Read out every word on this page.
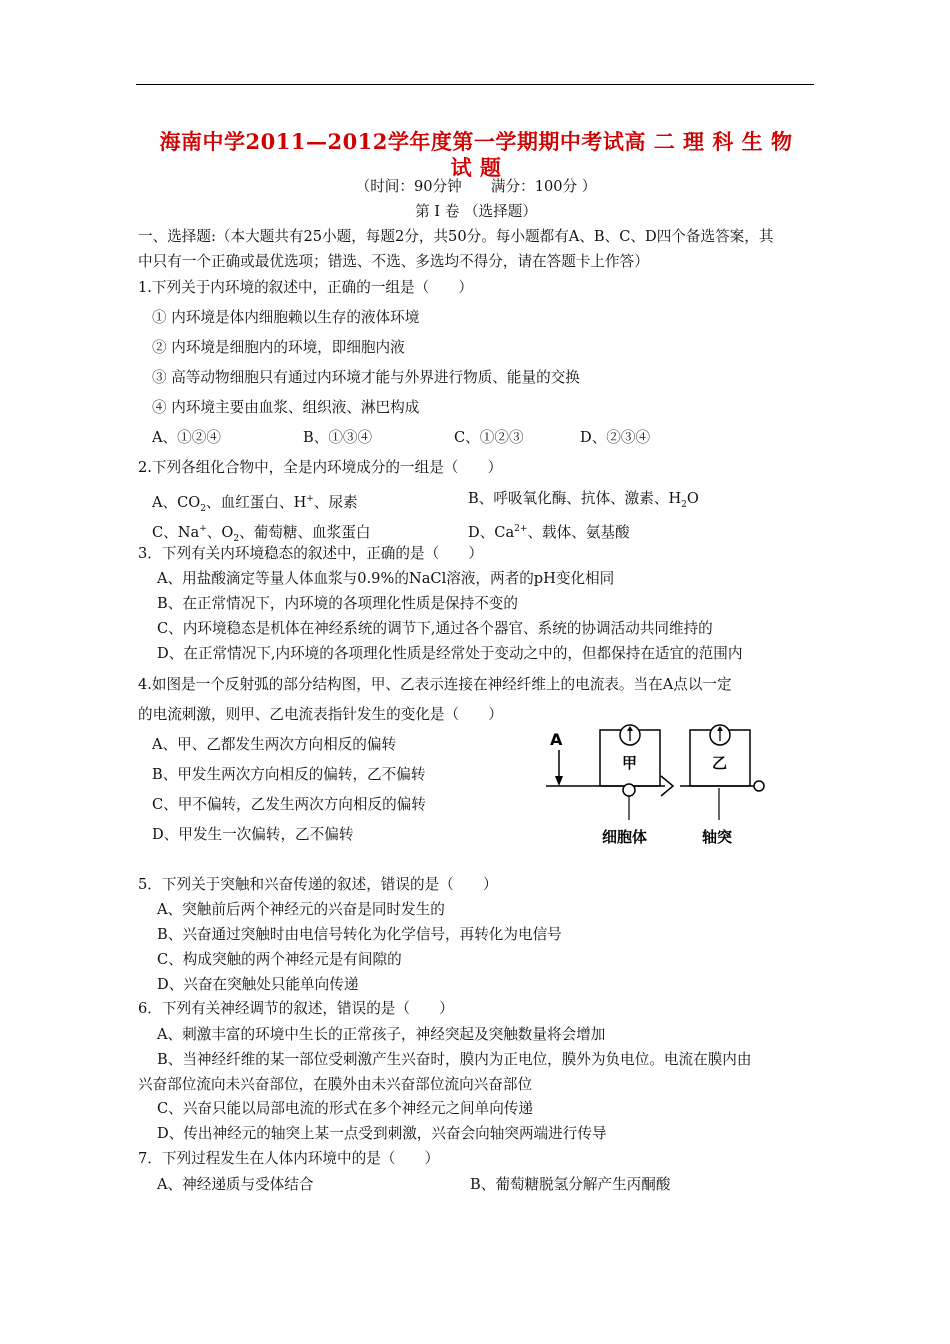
海南中学2011—2012学年度第一学期期中考试高 二 理 科 生 物
试 题
（时间：90分钟　　满分：100分 ）
第 Ⅰ 卷 （选择题）
一、选择题:（本大题共有25小题，每题2分，共50分。每小题都有A、B、C、D四个备选答案，其
中只有一个正确或最优选项；错选、不选、多选均不得分，请在答题卡上作答）
1.下列关于内环境的叙述中，正确的一组是（　　）
① 内环境是体内细胞赖以生存的液体环境
② 内环境是细胞内的环境，即细胞内液
③ 高等动物细胞只有通过内环境才能与外界进行物质、能量的交换
④ 内环境主要由血浆、组织液、淋巴构成
A、①②④	B、①③④	C、①②③	D、②③④
2.下列各组化合物中，全是内环境成分的一组是（　　）
A、$CO_2$、血红蛋白、H+、尿素	B、呼吸氧化酶、抗体、激素、$H_2O$
C、Na+、$O_2$、葡萄糖、血浆蛋白	D、$Ca^{2+}$、载体、氨基酸
3．下列有关内环境稳态的叙述中，正确的是（　　）
A、用盐酸滴定等量人体血浆与0.9%的NaCl溶液，两者的pH变化相同
B、在正常情况下，内环境的各项理化性质是保持不变的
C、内环境稳态是机体在神经系统的调节下,通过各个器官、系统的协调活动共同维持的
D、在正常情况下,内环境的各项理化性质是经常处于变动之中的，但都保持在适宜的范围内
4.如图是一个反射弧的部分结构图，甲、乙表示连接在神经纤维上的电流表。当在A点以一定
的电流刺激，则甲、乙电流表指针发生的变化是（　　）
A、甲、乙都发生两次方向相反的偏转
B、甲发生两次方向相反的偏转，乙不偏转
C、甲不偏转，乙发生两次方向相反的偏转
D、甲发生一次偏转，乙不偏转
A
甲	乙
细胞体	轴突
5．下列关于突触和兴奋传递的叙述，错误的是（　　）
A、突触前后两个神经元的兴奋是同时发生的
B、兴奋通过突触时由电信号转化为化学信号，再转化为电信号
C、构成突触的两个神经元是有间隙的
D、兴奋在突触处只能单向传递
6．下列有关神经调节的叙述，错误的是（　　）
A、刺激丰富的环境中生长的正常孩子，神经突起及突触数量将会增加
B、当神经纤维的某一部位受刺激产生兴奋时，膜内为正电位，膜外为负电位。电流在膜内由
兴奋部位流向未兴奋部位，在膜外由未兴奋部位流向兴奋部位
C、兴奋只能以局部电流的形式在多个神经元之间单向传递
D、传出神经元的轴突上某一点受到刺激，兴奋会向轴突两端进行传导
7．下列过程发生在人体内环境中的是（　　）
A、神经递质与受体结合	B、葡萄糖脱氢分解产生丙酮酸
